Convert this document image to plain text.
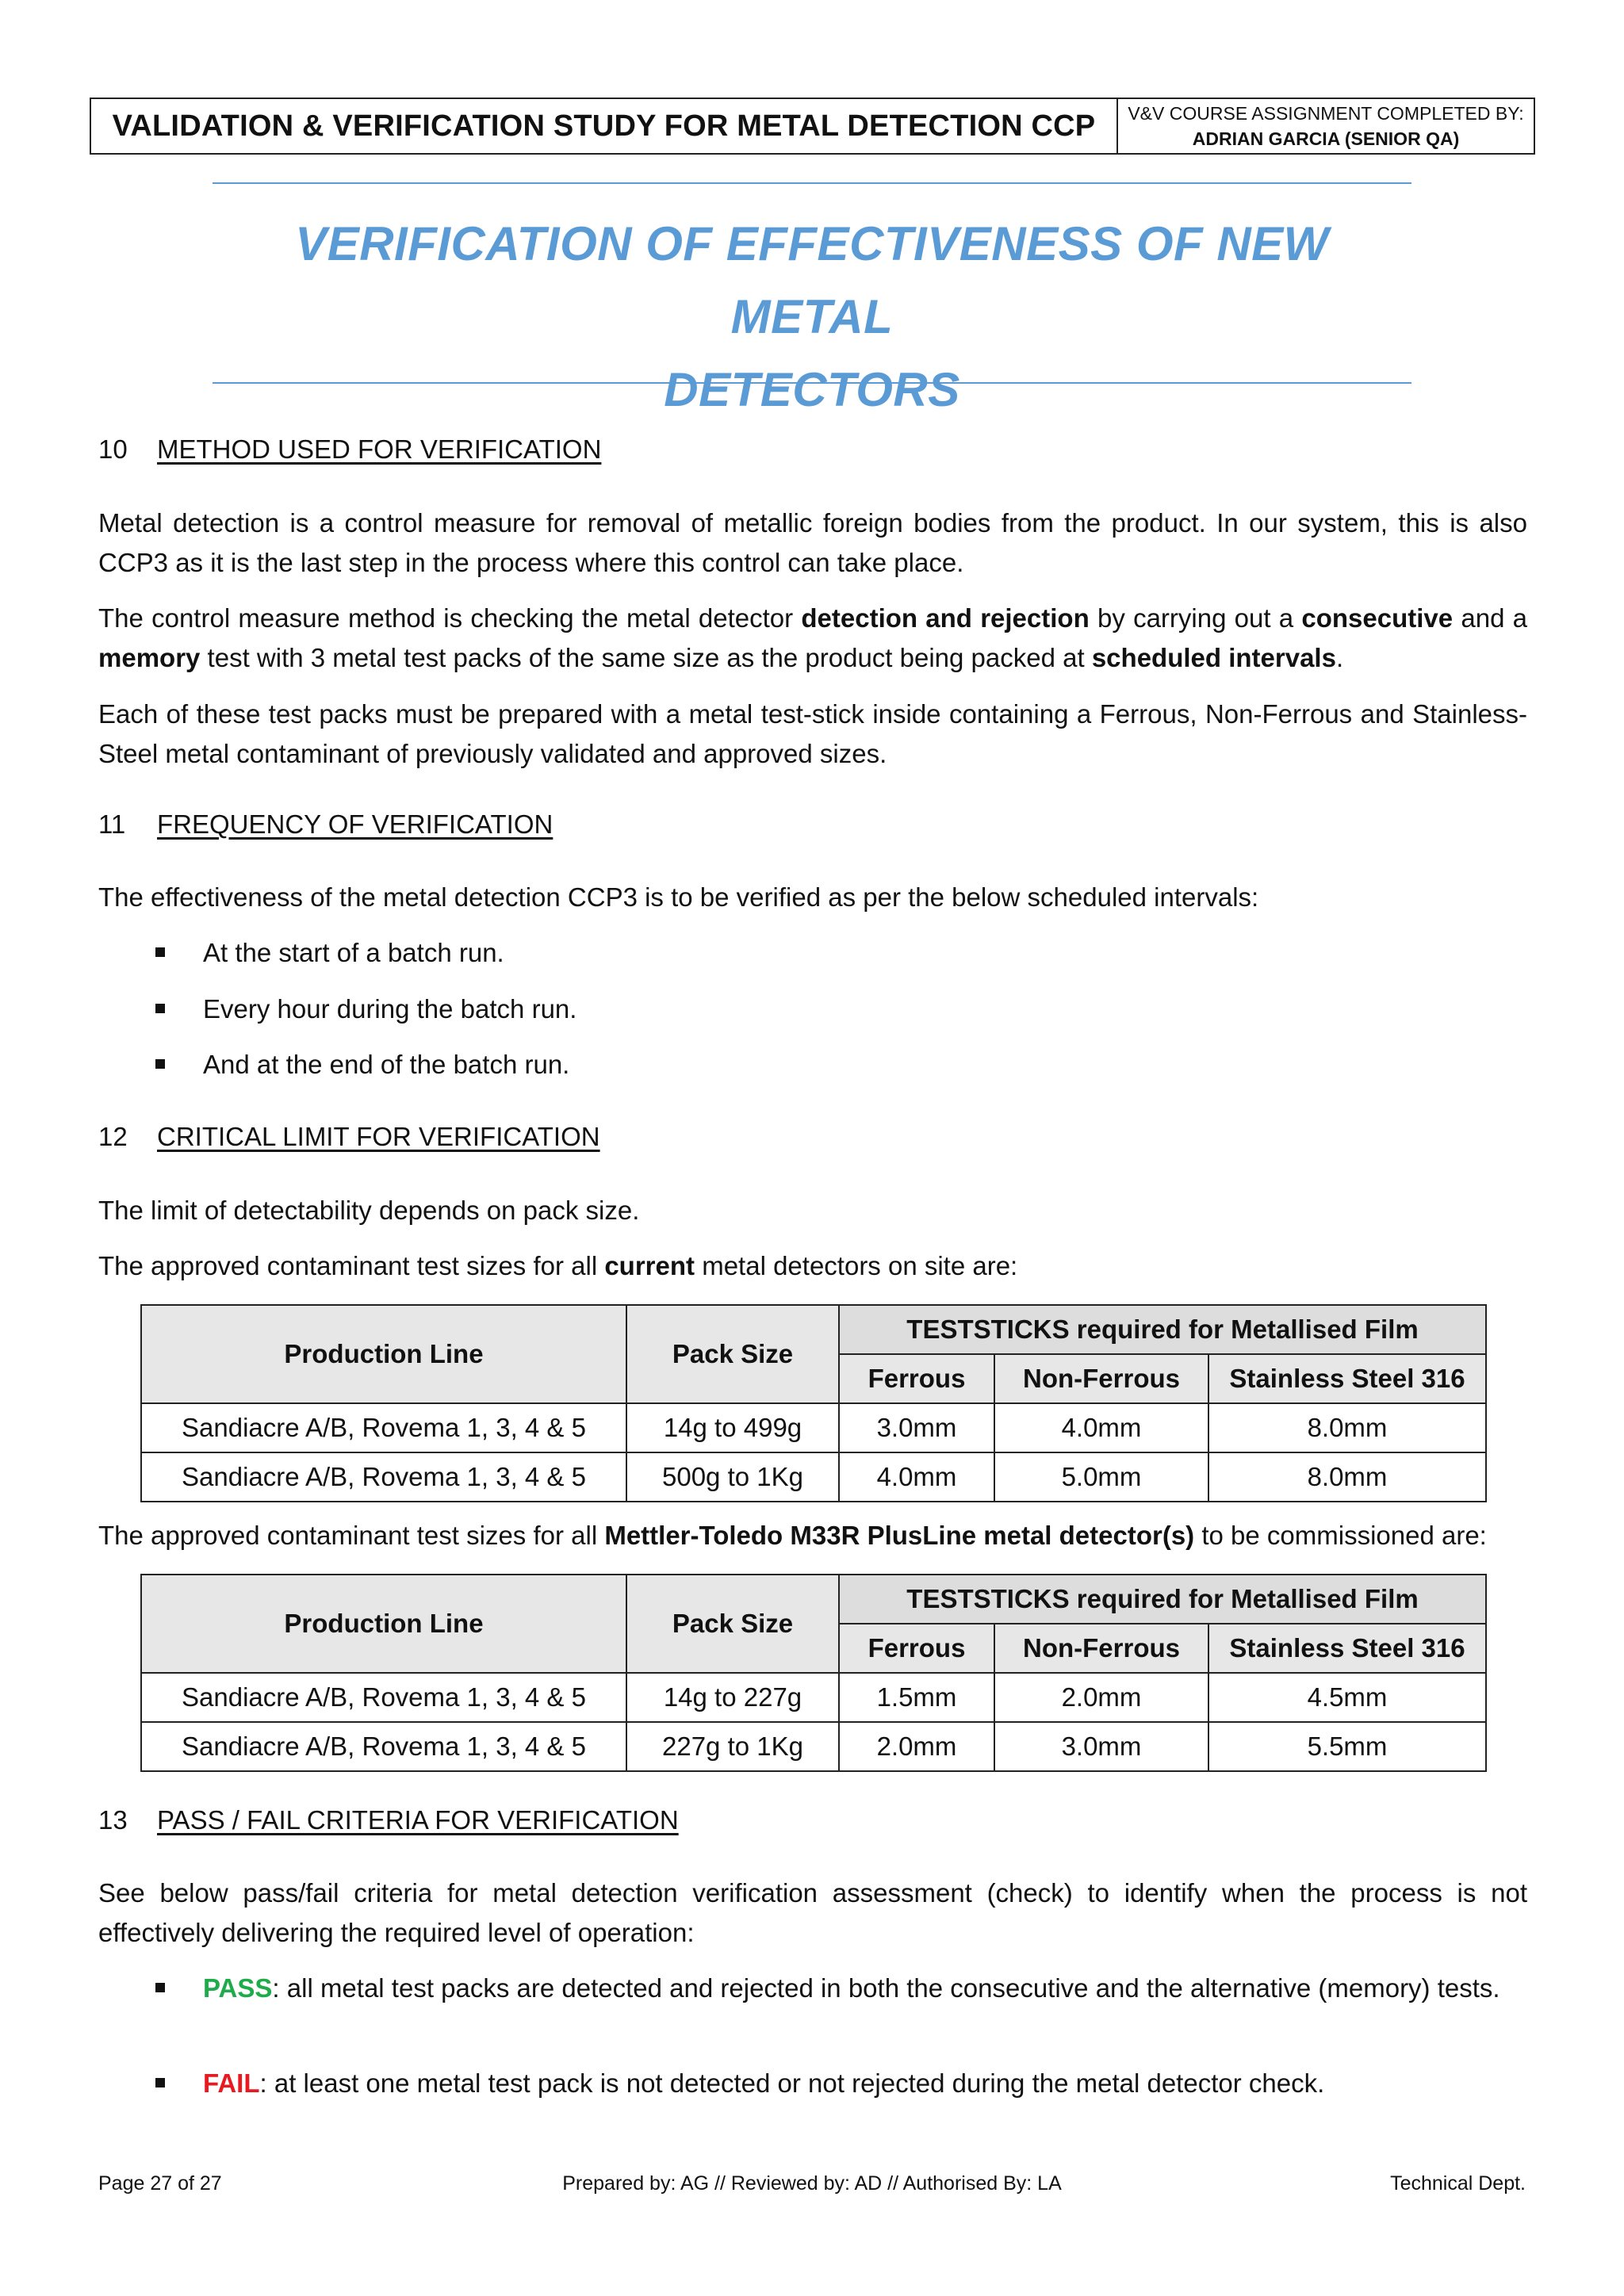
VALIDATION & VERIFICATION STUDY FOR METAL DETECTION CCP	V&V COURSE ASSIGNMENT COMPLETED BY:
ADRIAN GARCIA (SENIOR QA)
VERIFICATION OF EFFECTIVENESS OF NEW METAL
DETECTORS
10 METHOD USED FOR VERIFICATION
Metal detection is a control measure for removal of metallic foreign bodies from the product. In our system, this is also CCP3 as it is the last step in the process where this control can take place.
The control measure method is checking the metal detector detection and rejection by carrying out a consecutive and a memory test with 3 metal test packs of the same size as the product being packed at scheduled intervals.
Each of these test packs must be prepared with a metal test-stick inside containing a Ferrous, Non-Ferrous and Stainless-Steel metal contaminant of previously validated and approved sizes.
11 FREQUENCY OF VERIFICATION
The effectiveness of the metal detection CCP3 is to be verified as per the below scheduled intervals:
At the start of a batch run.
Every hour during the batch run.
And at the end of the batch run.
12 CRITICAL LIMIT FOR VERIFICATION
The limit of detectability depends on pack size.
The approved contaminant test sizes for all current metal detectors on site are:
Production Line	Pack Size	TESTSTICKS required for Metallised Film		
		Ferrous	Non-Ferrous	Stainless Steel 316
Sandiacre A/B, Rovema 1, 3, 4 & 5	14g to 499g	3.0mm	4.0mm	8.0mm
Sandiacre A/B, Rovema 1, 3, 4 & 5	500g to 1Kg	4.0mm	5.0mm	8.0mm
The approved contaminant test sizes for all Mettler-Toledo M33R PlusLine metal detector(s) to be commissioned are:
Production Line	Pack Size	TESTSTICKS required for Metallised Film		
		Ferrous	Non-Ferrous	Stainless Steel 316
Sandiacre A/B, Rovema 1, 3, 4 & 5	14g to 227g	1.5mm	2.0mm	4.5mm
Sandiacre A/B, Rovema 1, 3, 4 & 5	227g to 1Kg	2.0mm	3.0mm	5.5mm
13 PASS / FAIL CRITERIA FOR VERIFICATION
See below pass/fail criteria for metal detection verification assessment (check) to identify when the process is not effectively delivering the required level of operation:
PASS: all metal test packs are detected and rejected in both the consecutive and the alternative (memory) tests.
FAIL: at least one metal test pack is not detected or not rejected during the metal detector check.
Page 27 of 27	Prepared by: AG // Reviewed by: AD // Authorised By: LA	Technical Dept.
